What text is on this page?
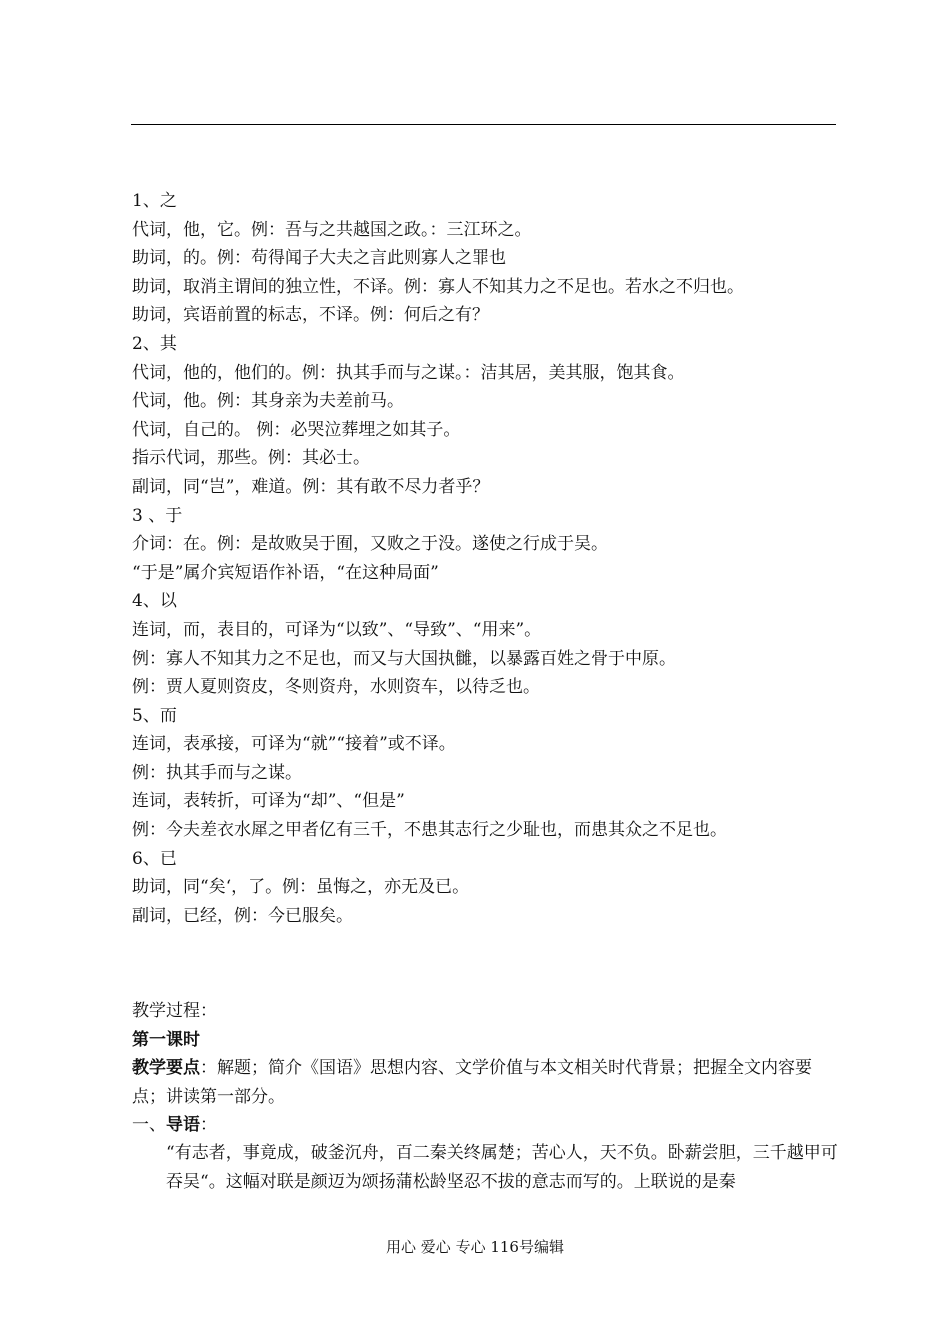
1、之
代词，他，它。例：吾与之共越国之政。：三江环之。
助词，的。例：苟得闻子大夫之言此则寡人之罪也
助词，取消主谓间的独立性，不译。例：寡人不知其力之不足也。若水之不归也。
助词，宾语前置的标志，不译。例：何后之有？
2、其
代词，他的，他们的。例：执其手而与之谋。：洁其居，美其服，饱其食。
代词，他。例：其身亲为夫差前马。
代词，自己的。 例：必哭泣葬埋之如其子。
指示代词，那些。例：其必士。
副词，同“岂”，难道。例：其有敢不尽力者乎？
3 、于
介词：在。例：是故败吴于囿，又败之于没。遂使之行成于吴。
“于是”属介宾短语作补语，“在这种局面”
4、以
连词，而，表目的，可译为“以致”、“导致”、“用来”。
例：寡人不知其力之不足也，而又与大国执雠，以暴露百姓之骨于中原。
例：贾人夏则资皮，冬则资舟，水则资车，以待乏也。
5、而
连词，表承接，可译为“就”“接着”或不译。
例：执其手而与之谋。
连词，表转折，可译为“却”、“但是”
例：今夫差衣水犀之甲者亿有三千，不患其志行之少耻也，而患其众之不足也。
6、已
助词，同“矣‘，了。例：虽悔之，亦无及已。
副词，已经，例：今已服矣。
教学过程：
第一课时
教学要点：解题；简介《国语》思想内容、文学价值与本文相关时代背景；把握全文内容要点；讲读第一部分。
一、导语：
“有志者，事竟成，破釜沉舟，百二秦关终属楚；苦心人，天不负。卧薪尝胆，三千越甲可吞吴“。这幅对联是颜迈为颂扬蒲松龄坚忍不拔的意志而写的。上联说的是秦
用心 爱心 专心 116号编辑
